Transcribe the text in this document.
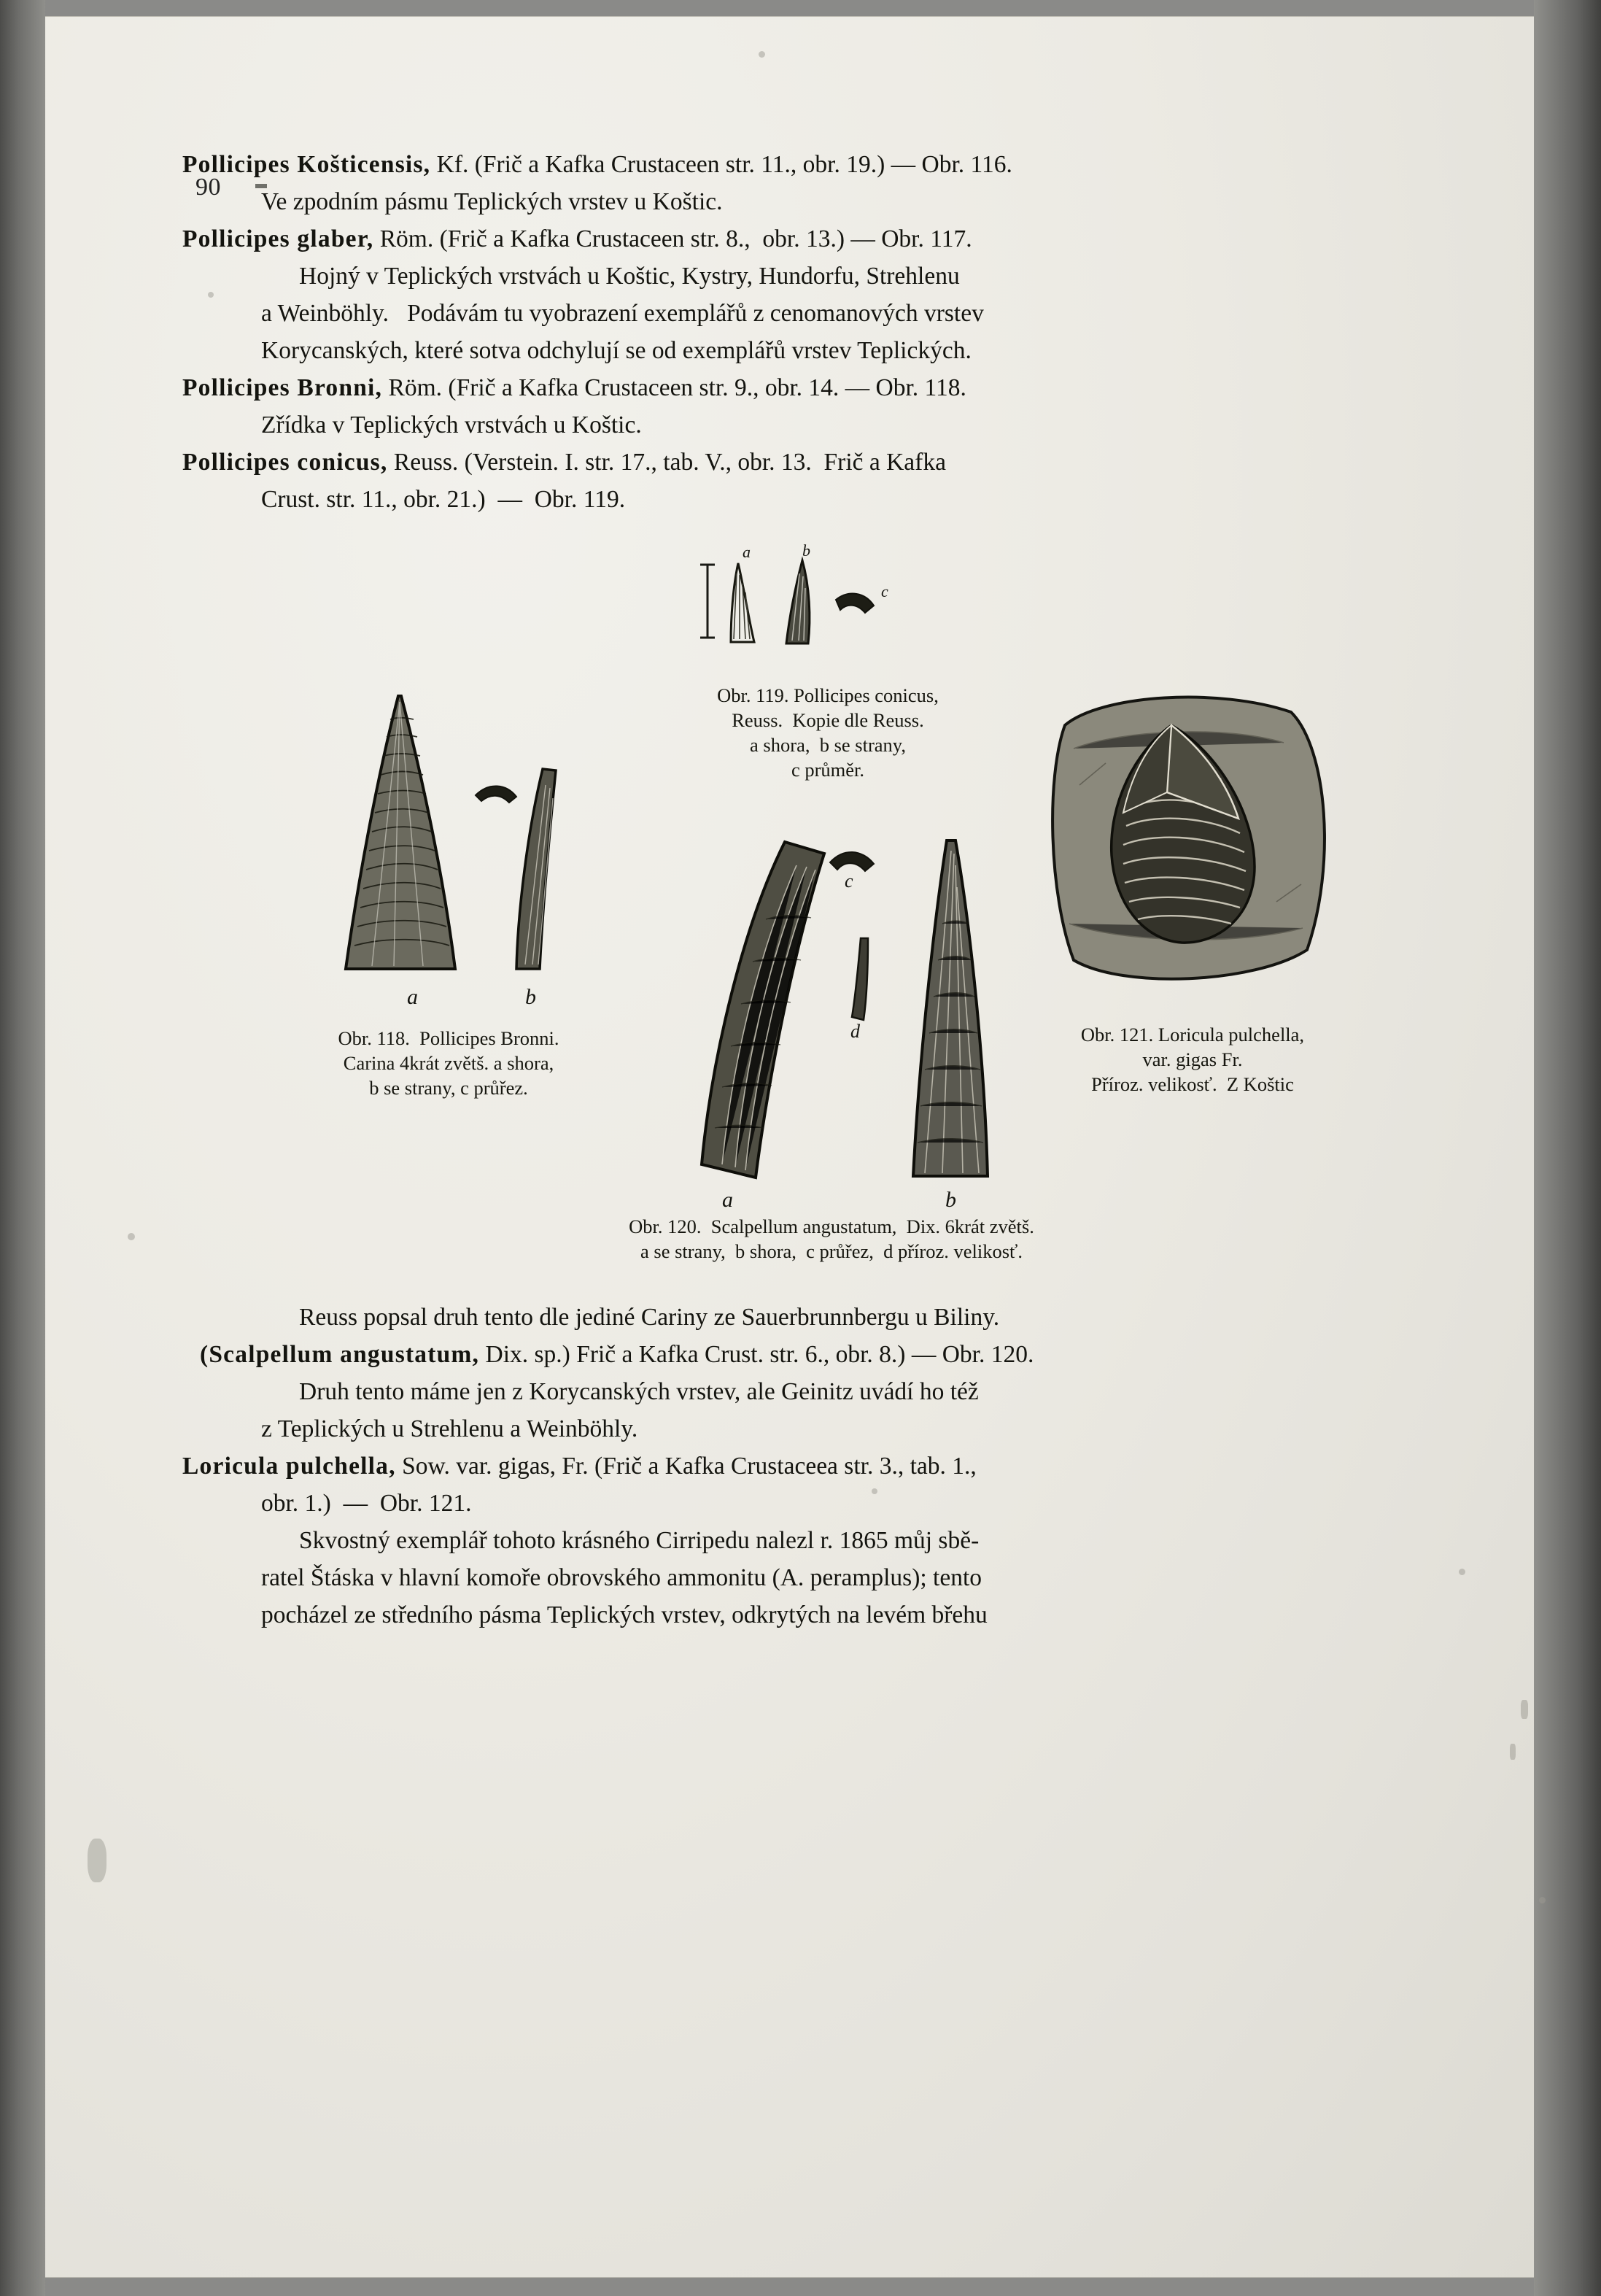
90
Pollicipes Košticensis, Kf. (Frič a Kafka Crustaceen str. 11., obr. 19.) — Obr. 116.
Ve zpodním pásmu Teplických vrstev u Koštic.
Pollicipes glaber, Röm. (Frič a Kafka Crustaceen str. 8.,  obr. 13.) — Obr. 117.
Hojný v Teplických vrstvách u Koštic, Kystry, Hundorfu, Strehlenu
a Weinböhly.   Podávám tu vyobrazení exemplářů z cenomanových vrstev
Korycanských, které sotva odchylují se od exemplářů vrstev Teplických.
Pollicipes Bronni, Röm. (Frič a Kafka Crustaceen str. 9., obr. 14. — Obr. 118.
Zřídka v Teplických vrstvách u Koštic.
Pollicipes conicus, Reuss. (Verstein. I. str. 17., tab. V., obr. 13.  Frič a Kafka
Crust. str. 11., obr. 21.)  —  Obr. 119.
a	b
c
Obr. 119. Pollicipes conicus,
Reuss.  Kopie dle Reuss.
a shora,  b se strany,
c průměr.
a	b
Obr. 118.  Pollicipes Bronni.
Carina 4krát zvětš. a shora,
b se strany, c průřez.
a	b
c
d
Obr. 120.  Scalpellum angustatum,  Dix. 6krát zvětš.
a se strany,  b shora,  c průřez,  d příroz. velikosť.
Obr. 121. Loricula pulchella,
var. gigas Fr.
Příroz. velikosť.  Z Koštic
Reuss popsal druh tento dle jediné Cariny ze Sauerbrunnbergu u Biliny.
(Scalpellum angustatum, Dix. sp.) Frič a Kafka Crust. str. 6., obr. 8.) — Obr. 120.
Druh tento máme jen z Korycanských vrstev, ale Geinitz uvádí ho též
z Teplických u Strehlenu a Weinböhly.
Loricula pulchella, Sow. var. gigas, Fr. (Frič a Kafka Crustaceea str. 3., tab. 1.,
obr. 1.)  —  Obr. 121.
Skvostný exemplář tohoto krásného Cirripedu nalezl r. 1865 můj sbě-
ratel Štáska v hlavní komoře obrovského ammonitu (A. peramplus); tento
pocházel ze středního pásma Teplických vrstev, odkrytých na levém břehu
